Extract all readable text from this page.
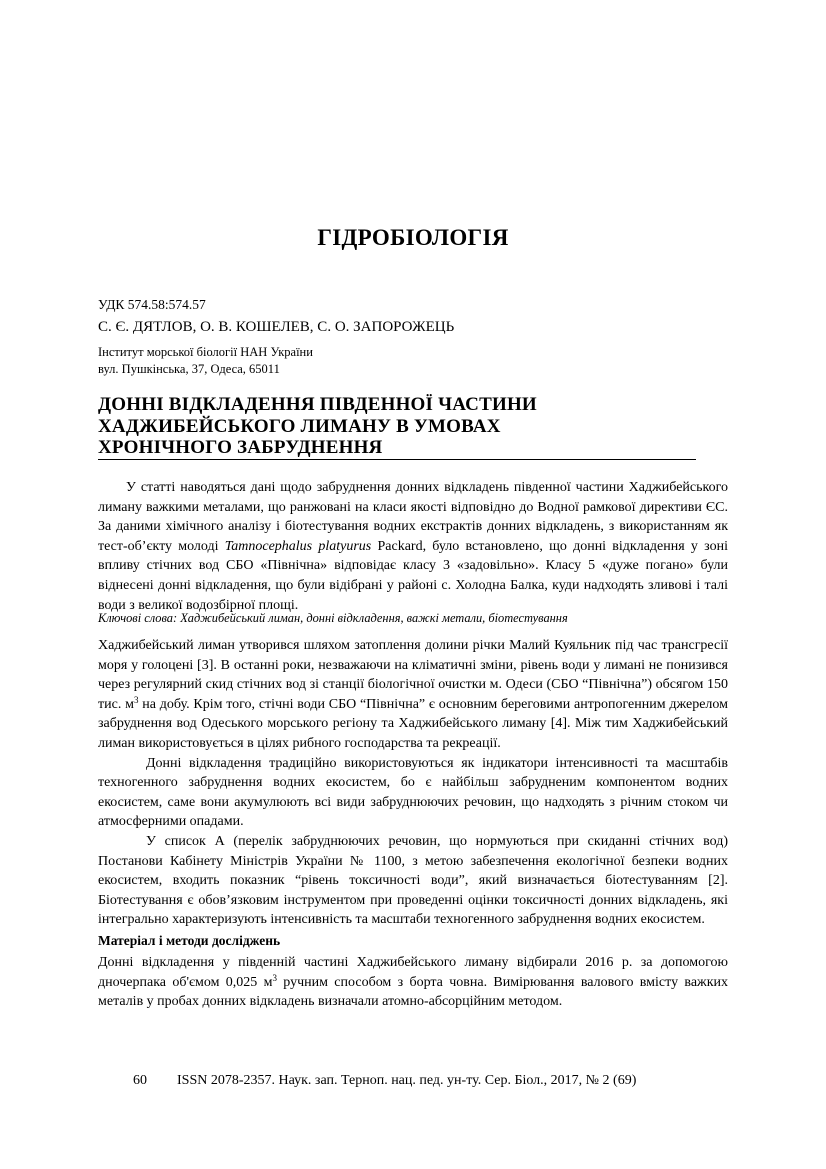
ГІДРОБІОЛОГІЯ
УДК 574.58:574.57
С. Є. ДЯТЛОВ, О. В. КОШЕЛЕВ, С. О. ЗАПОРОЖЕЦЬ
Інститут морської біології НАН України
вул. Пушкінська, 37, Одеса, 65011
ДОННІ ВІДКЛАДЕННЯ ПІВДЕННОЇ ЧАСТИНИ
ХАДЖИБЕЙСЬКОГО ЛИМАНУ В УМОВАХ
ХРОНІЧНОГО ЗАБРУДНЕННЯ

У статті наводяться дані щодо забруднення донних відкладень південної частини Хаджибейського лиману важкими металами, що ранжовані на класи якості відповідно до Водної рамкової директиви ЄС. За даними хімічного аналізу і біотестування водних екстрактів донних відкладень, з використанням як тест-об’єкту молоді Tamnocephalus platyurus Packard, було встановлено, що донні відкладення у зоні впливу стічних вод СБО «Північна» відповідає класу 3 «задовільно». Класу 5 «дуже погано» були віднесені донні відкладення, що були відібрані у районі с. Холодна Балка, куди надходять зливові і талі води з великої водозбірної площі.

Ключові слова: Хаджибейський лиман, донні відкладення, важкі метали, біотестування

Хаджибейський лиман утворився шляхом затоплення долини річки Малий Куяльник під час трансгресії моря у голоцені [3]. В останні роки, незважаючи на кліматичні зміни, рівень води у лимані не понизився через регулярний скид стічних вод зі станції біологічної очистки м. Одеси (СБО “Північна”) обсягом 150 тис. $м^3$ на добу. Крім того, стічні води СБО “Північна” є основним береговими антропогенним джерелом забруднення вод Одеського морського регіону та Хаджибейського лиману [4]. Між тим Хаджибейський лиман використовується в цілях рибного господарства та рекреації.

Донні відкладення традиційно використовуються як індикатори інтенсивності та масштабів техногенного забруднення водних екосистем, бо є найбільш забрудненим компонентом водних екосистем, саме вони акумулюють всі види забруднюючих речовин, що надходять з річним стоком чи атмосферними опадами.

У список А (перелік забруднюючих речовин, що нормуються при скиданні стічних вод) Постанови Кабінету Міністрів України № 1100, з метою забезпечення екологічної безпеки водних екосистем, входить показник “рівень токсичності води”, який визначається біотестуванням [2]. Біотестування є обов’язковим інструментом при проведенні оцінки токсичності донних відкладень, які інтегрально характеризують інтенсивність та масштаби техногенного забруднення водних екосистем.

Матеріал і методи досліджень

Донні відкладення у південній частині Хаджибейського лиману відбирали 2016 р. за допомогою дночерпака об'ємом 0,025 $м^3$ ручним способом з борта човна. Вимірювання валового вмісту важких металів у пробах донних відкладень визначали атомно-абсорційним методом.

60 ISSN 2078-2357. Наук. зап. Терноп. нац. пед. ун-ту. Сер. Біол., 2017, № 2 (69)
